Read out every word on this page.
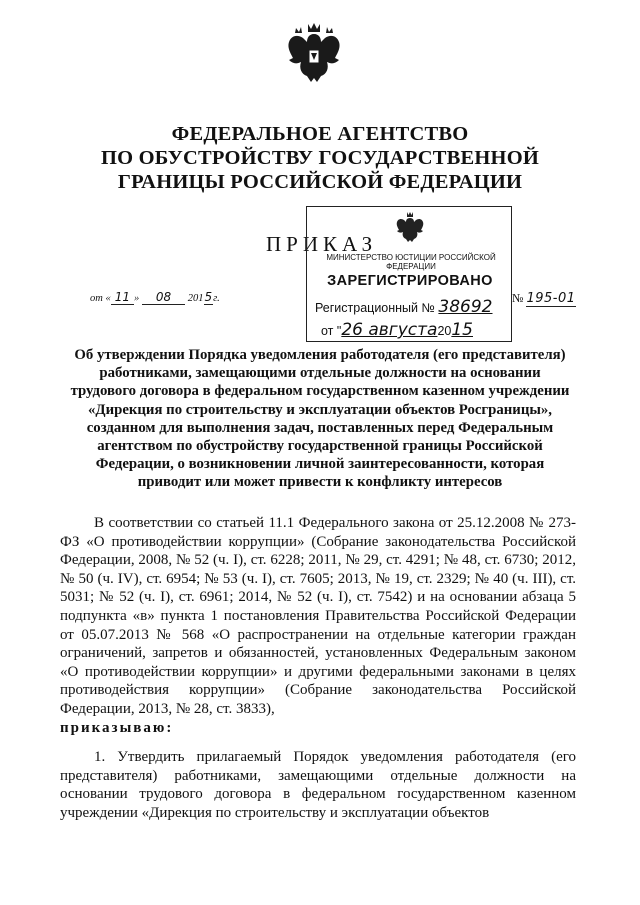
ФЕДЕРАЛЬНОЕ АГЕНТСТВО
ПО ОБУСТРОЙСТВУ ГОСУДАРСТВЕННОЙ
ГРАНИЦЫ РОССИЙСКОЙ ФЕДЕРАЦИИ
ПРИКАЗ
МИНИСТЕРСТВО ЮСТИЦИИ РОССИЙСКОЙ ФЕДЕРАЦИИ
ЗАРЕГИСТРИРОВАНО
Регистрационный № 38692
от "26 августа2015
от « 11 » 08 2015г.	№ 195-01
Об утверждении Порядка уведомления работодателя (его представителя) работниками, замещающими отдельные должности на основании трудового договора в федеральном государственном казенном учреждении «Дирекция по строительству и эксплуатации объектов Росграницы», созданном для выполнения задач, поставленных перед Федеральным агентством по обустройству государственной границы Российской Федерации, о возникновении личной заинтересованности, которая приводит или может привести к конфликту интересов

В соответствии со статьей 11.1 Федерального закона от 25.12.2008 № 273-ФЗ «О противодействии коррупции» (Собрание законодательства Российской Федерации, 2008, № 52 (ч. I), ст. 6228; 2011, № 29, ст. 4291; № 48, ст. 6730; 2012, № 50 (ч. IV), ст. 6954; № 53 (ч. I), ст. 7605; 2013, № 19, ст. 2329; № 40 (ч. III), ст. 5031; № 52 (ч. I), ст. 6961; 2014, № 52 (ч. I), ст. 7542) и на основании абзаца 5 подпункта «в» пункта 1 постановления Правительства Российской Федерации от 05.07.2013 № 568 «О распространении на отдельные категории граждан ограничений, запретов и обязанностей, установленных Федеральным законом «О противодействии коррупции» и другими федеральными законами в целях противодействия коррупции» (Собрание законодательства Российской Федерации, 2013, № 28, ст. 3833),

приказываю:

1. Утвердить прилагаемый Порядок уведомления работодателя (его представителя) работниками, замещающими отдельные должности на основании трудового договора в федеральном государственном казенном учреждении «Дирекция по строительству и эксплуатации объектов
